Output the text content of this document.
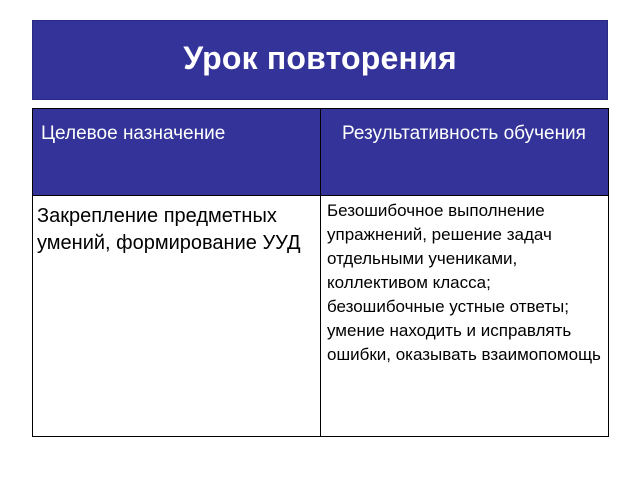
Урок повторения
Целевое назначение	Результативность обучения
Закрепление предметных умений, формирование УУД
Безошибочное выполнение упражнений, решение задач отдельными учениками, коллективом класса; безошибочные устные ответы; умение находить и исправлять ошибки, оказывать взаимопомощь
